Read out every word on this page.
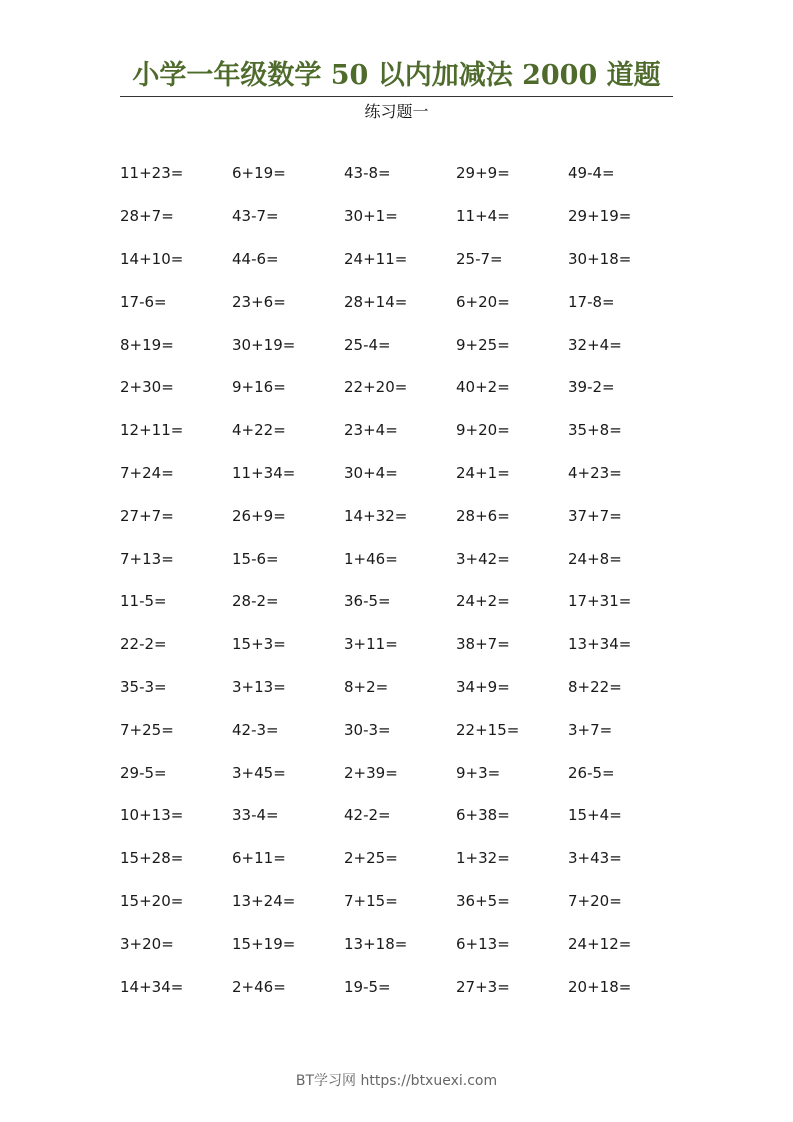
小学一年级数学 50 以内加减法 2000 道题
练习题一
11+23=	6+19=	43-8=	29+9=	49-4=
28+7=	43-7=	30+1=	11+4=	29+19=
14+10=	44-6=	24+11=	25-7=	30+18=
17-6=	23+6=	28+14=	6+20=	17-8=
8+19=	30+19=	25-4=	9+25=	32+4=
2+30=	9+16=	22+20=	40+2=	39-2=
12+11=	4+22=	23+4=	9+20=	35+8=
7+24=	11+34=	30+4=	24+1=	4+23=
27+7=	26+9=	14+32=	28+6=	37+7=
7+13=	15-6=	1+46=	3+42=	24+8=
11-5=	28-2=	36-5=	24+2=	17+31=
22-2=	15+3=	3+11=	38+7=	13+34=
35-3=	3+13=	8+2=	34+9=	8+22=
7+25=	42-3=	30-3=	22+15=	3+7=
29-5=	3+45=	2+39=	9+3=	26-5=
10+13=	33-4=	42-2=	6+38=	15+4=
15+28=	6+11=	2+25=	1+32=	3+43=
15+20=	13+24=	7+15=	36+5=	7+20=
3+20=	15+19=	13+18=	6+13=	24+12=
14+34=	2+46=	19-5=	27+3=	20+18=
BT学习网 https://btxuexi.com
